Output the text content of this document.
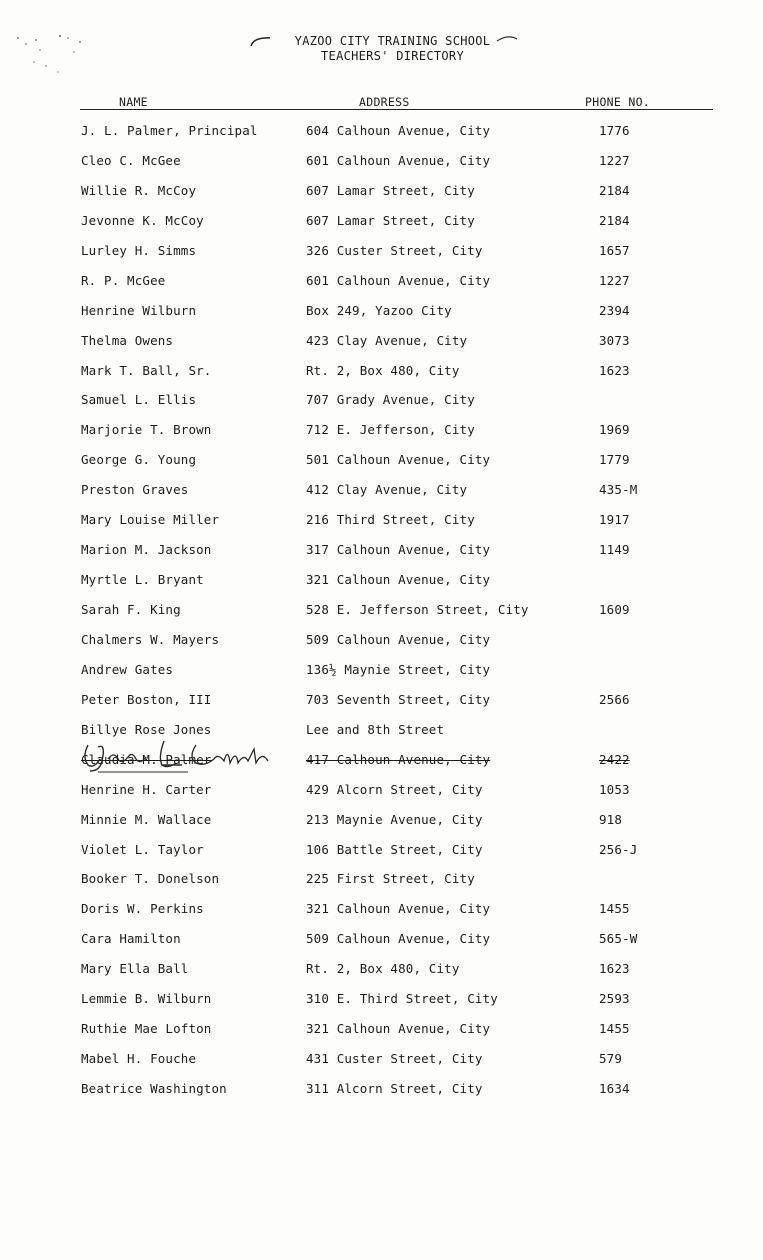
YAZOO CITY TRAINING SCHOOL
TEACHERS' DIRECTORY
NAME	ADDRESS	PHONE NO.
J. L. Palmer, Principal	604 Calhoun Avenue, City	1776
Cleo C. McGee	601 Calhoun Avenue, City	1227
Willie R. McCoy	607 Lamar Street, City	2184
Jevonne K. McCoy	607 Lamar Street, City	2184
Lurley H. Simms	326 Custer Street, City	1657
R. P. McGee	601 Calhoun Avenue, City	1227
Henrine Wilburn	Box 249, Yazoo City	2394
Thelma Owens	423 Clay Avenue, City	3073
Mark T. Ball, Sr.	Rt. 2, Box 480, City	1623
Samuel L. Ellis	707 Grady Avenue, City
Marjorie T. Brown	712 E. Jefferson, City	1969
George G. Young	501 Calhoun Avenue, City	1779
Preston Graves	412 Clay Avenue, City	435-M
Mary Louise Miller	216 Third Street, City	1917
Marion M. Jackson	317 Calhoun Avenue, City	1149
Myrtle L. Bryant	321 Calhoun Avenue, City
Sarah F. King	528 E. Jefferson Street, City	1609
Chalmers W. Mayers	509 Calhoun Avenue, City
Andrew Gates	136½ Maynie Street, City
Peter Boston, III	703 Seventh Street, City	2566
Billye Rose Jones	Lee and 8th Street
Claudia M. Palmer	417 Calhoun Avenue, City	2422
Henrine H. Carter	429 Alcorn Street, City	1053
Minnie M. Wallace	213 Maynie Avenue, City	918
Violet L. Taylor	106 Battle Street, City	256-J
Booker T. Donelson	225 First Street, City
Doris W. Perkins	321 Calhoun Avenue, City	1455
Cara Hamilton	509 Calhoun Avenue, City	565-W
Mary Ella Ball	Rt. 2, Box 480, City	1623
Lemmie B. Wilburn	310 E. Third Street, City	2593
Ruthie Mae Lofton	321 Calhoun Avenue, City	1455
Mabel H. Fouche	431 Custer Street, City	579
Beatrice Washington	311 Alcorn Street, City	1634
